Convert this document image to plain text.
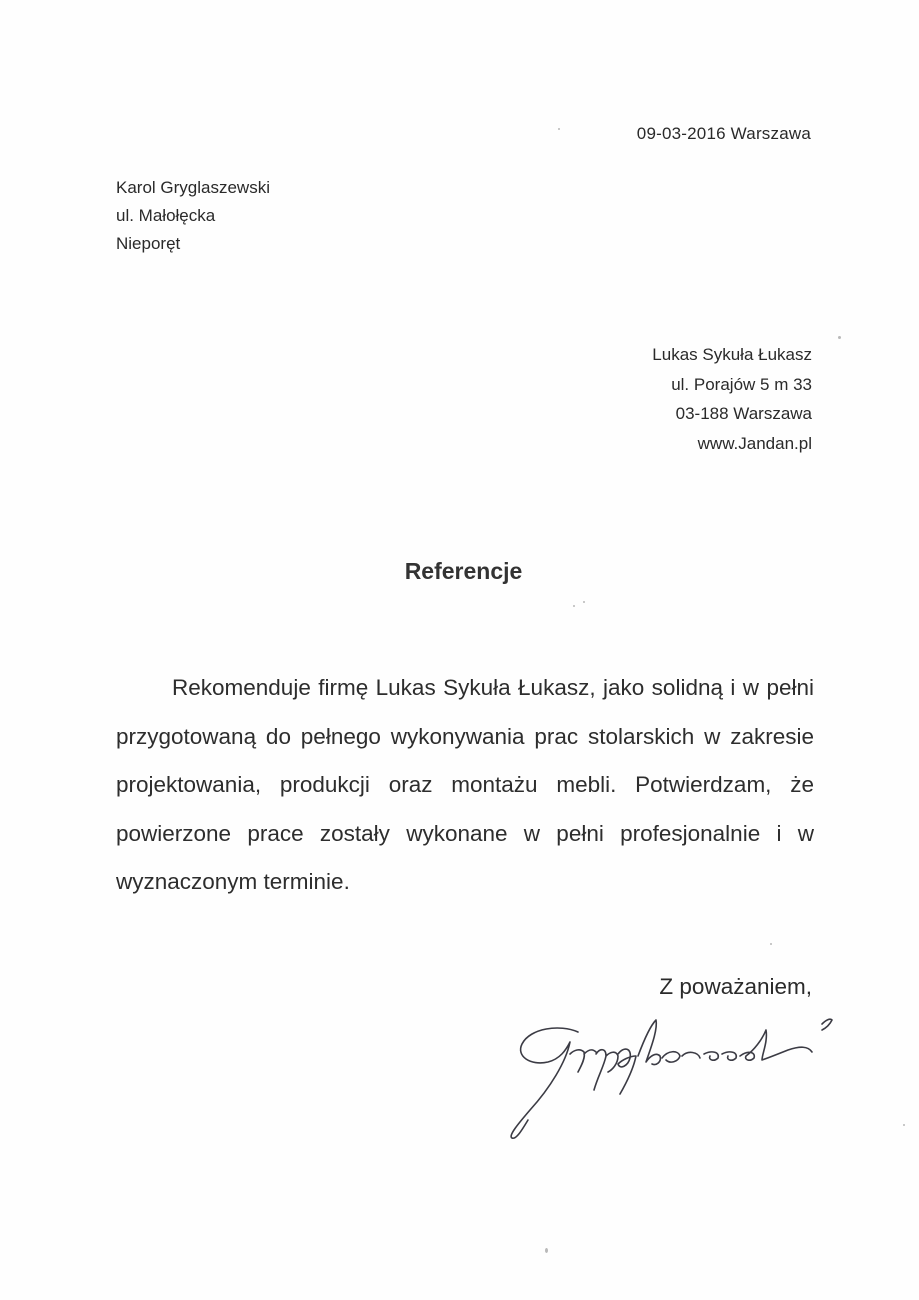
09-03-2016 Warszawa
Karol Gryglaszewski
ul. Małołęcka
Nieporęt
Lukas Sykuła Łukasz
ul. Porajów 5 m 33
03-188 Warszawa
www.Jandan.pl
Referencje
Rekomenduje firmę Lukas Sykuła Łukasz, jako solidną i w pełni przygotowaną do pełnego wykonywania prac stolarskich w zakresie projektowania, produkcji oraz montażu mebli. Potwierdzam, że powierzone prace zostały wykonane w pełni profesjonalnie i w wyznaczonym terminie.
Z poważaniem,
